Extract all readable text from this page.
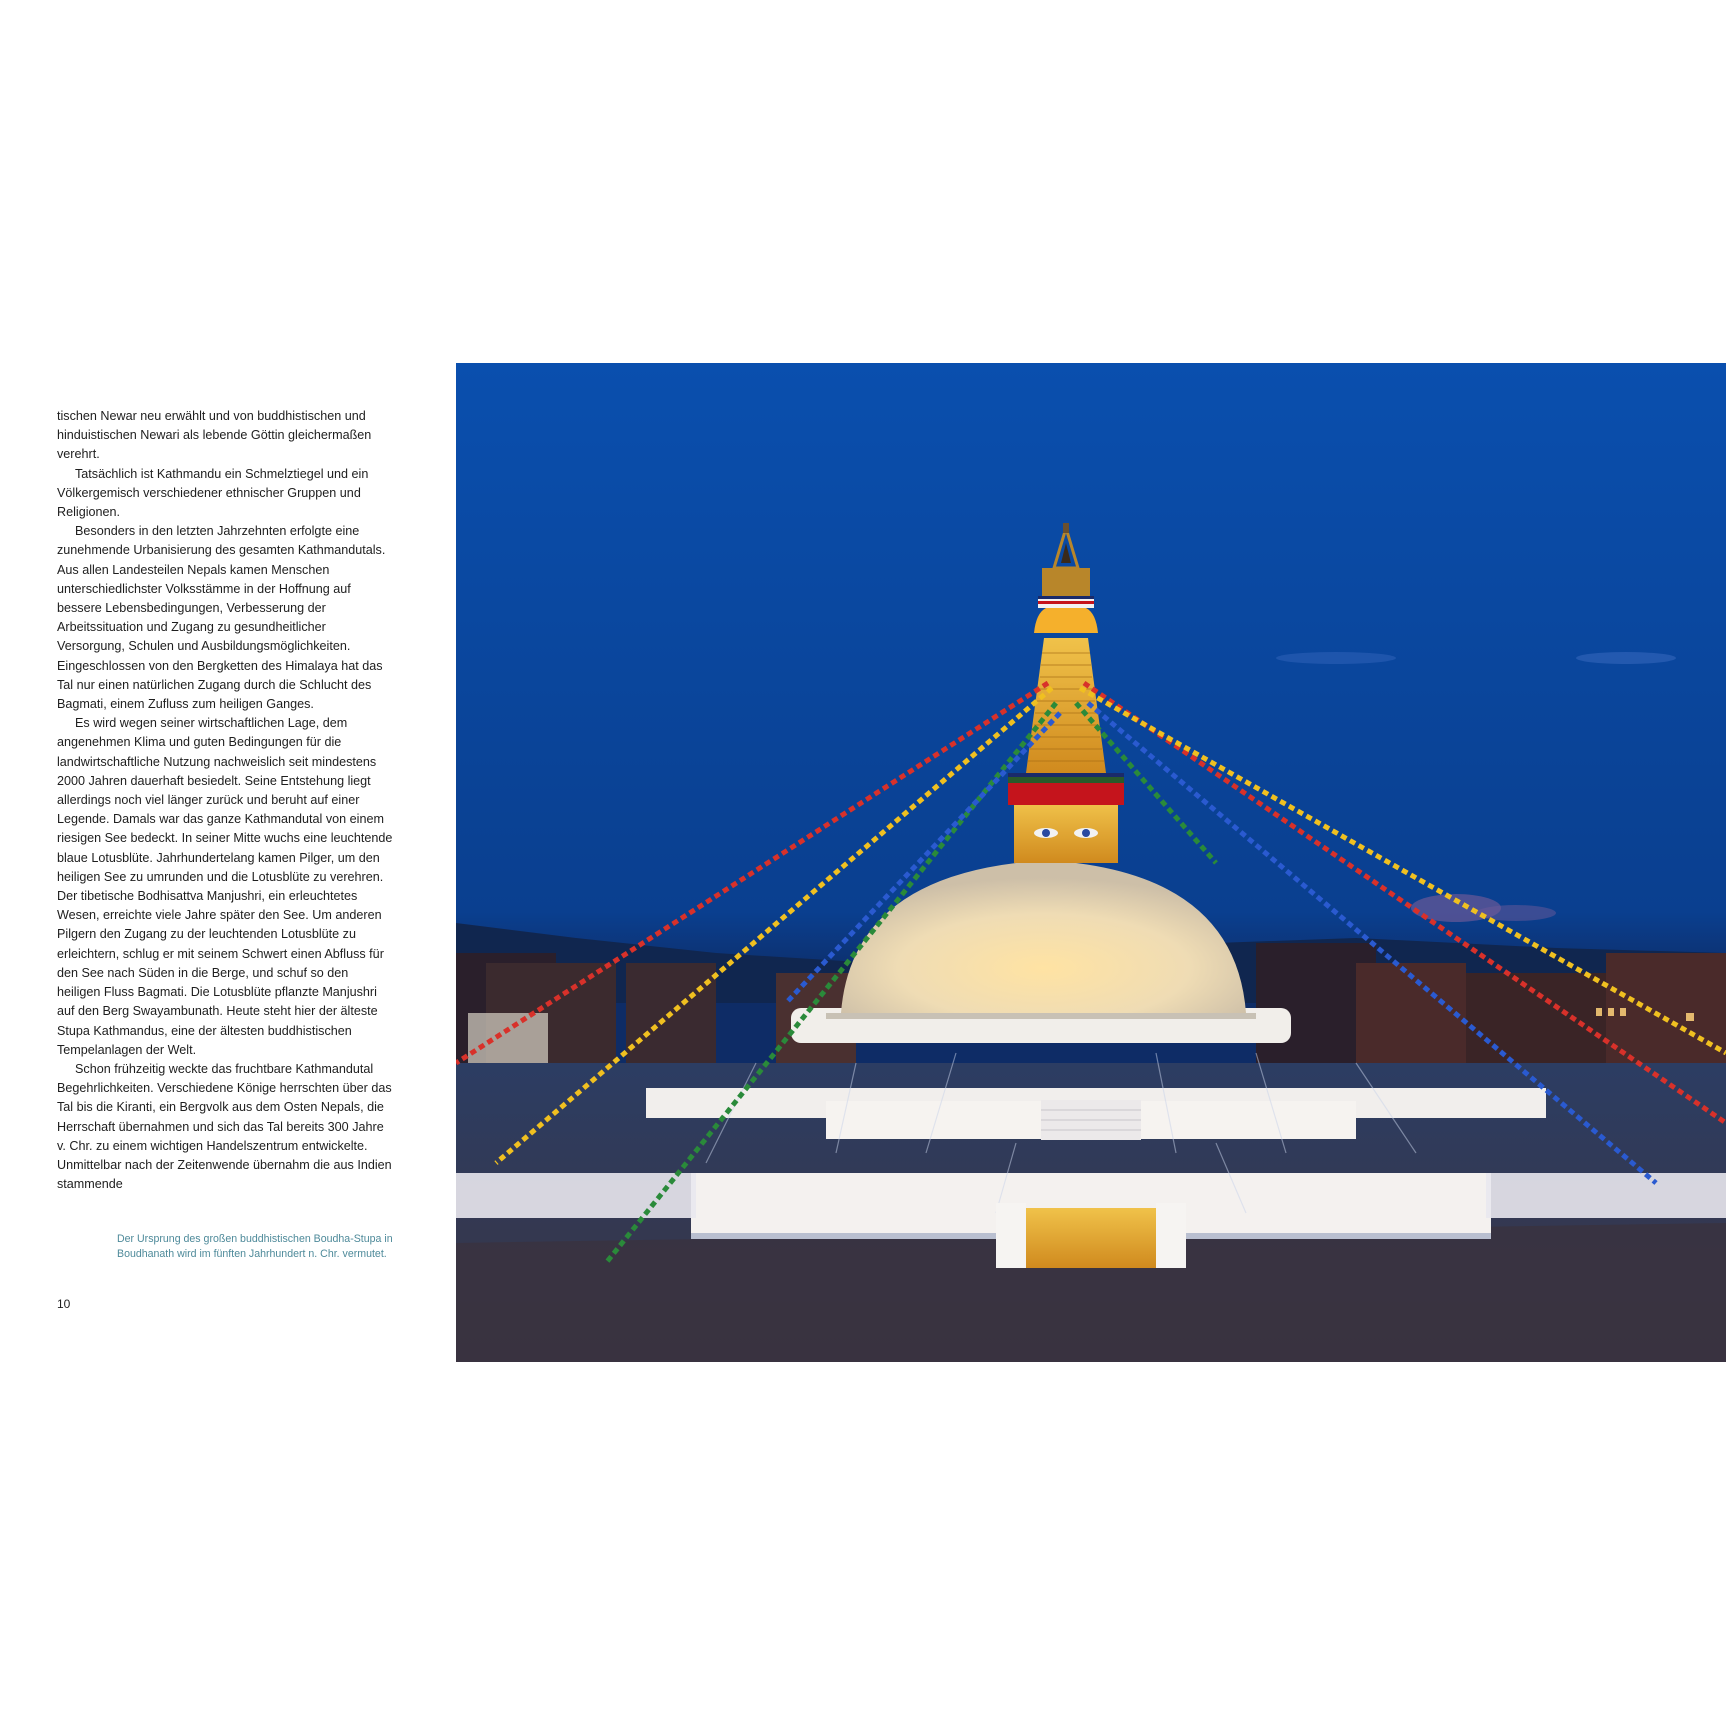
tischen Newar neu erwählt und von buddhistischen und hinduistischen Newari als lebende Göttin gleichermaßen verehrt.

Tatsächlich ist Kathmandu ein Schmelztiegel und ein Völkergemisch verschiedener ethnischer Gruppen und Religionen.

Besonders in den letzten Jahrzehnten erfolgte eine zunehmende Urbanisierung des gesamten Kathmandutals. Aus allen Landesteilen Nepals kamen Menschen unterschiedlichster Volksstämme in der Hoffnung auf bessere Lebensbedingungen, Verbesserung der Arbeitssituation und Zugang zu gesundheitlicher Versorgung, Schulen und Ausbildungsmöglichkeiten. Eingeschlossen von den Bergketten des Himalaya hat das Tal nur einen natürlichen Zugang durch die Schlucht des Bagmati, einem Zufluss zum heiligen Ganges.

Es wird wegen seiner wirtschaftlichen Lage, dem angenehmen Klima und guten Bedingungen für die landwirtschaftliche Nutzung nachweislich seit mindestens 2000 Jahren dauerhaft besiedelt. Seine Entstehung liegt allerdings noch viel länger zurück und beruht auf einer Legende. Damals war das ganze Kathmandutal von einem riesigen See bedeckt. In seiner Mitte wuchs eine leuchtende blaue Lotusblüte. Jahrhundertelang kamen Pilger, um den heiligen See zu umrunden und die Lotusblüte zu verehren. Der tibetische Bodhisattva Manjushri, ein erleuchtetes Wesen, erreichte viele Jahre später den See. Um anderen Pilgern den Zugang zu der leuchtenden Lotusblüte zu erleichtern, schlug er mit seinem Schwert einen Abfluss für den See nach Süden in die Berge, und schuf so den heiligen Fluss Bagmati. Die Lotusblüte pflanzte Manjushri auf den Berg Swayambunath. Heute steht hier der älteste Stupa Kathmandus, eine der ältesten buddhistischen Tempelanlagen der Welt.

Schon frühzeitig weckte das fruchtbare Kathmandutal Begehrlichkeiten. Verschiedene Könige herrschten über das Tal bis die Kiranti, ein Bergvolk aus dem Osten Nepals, die Herrschaft übernahmen und sich das Tal bereits 300 Jahre v. Chr. zu einem wichtigen Handelszentrum entwickelte. Unmittelbar nach der Zeitenwende übernahm die aus Indien stammende

Der Ursprung des großen buddhistischen Boudha-Stupa in Boudhanath wird im fünften Jahrhundert n. Chr. vermutet.
10
